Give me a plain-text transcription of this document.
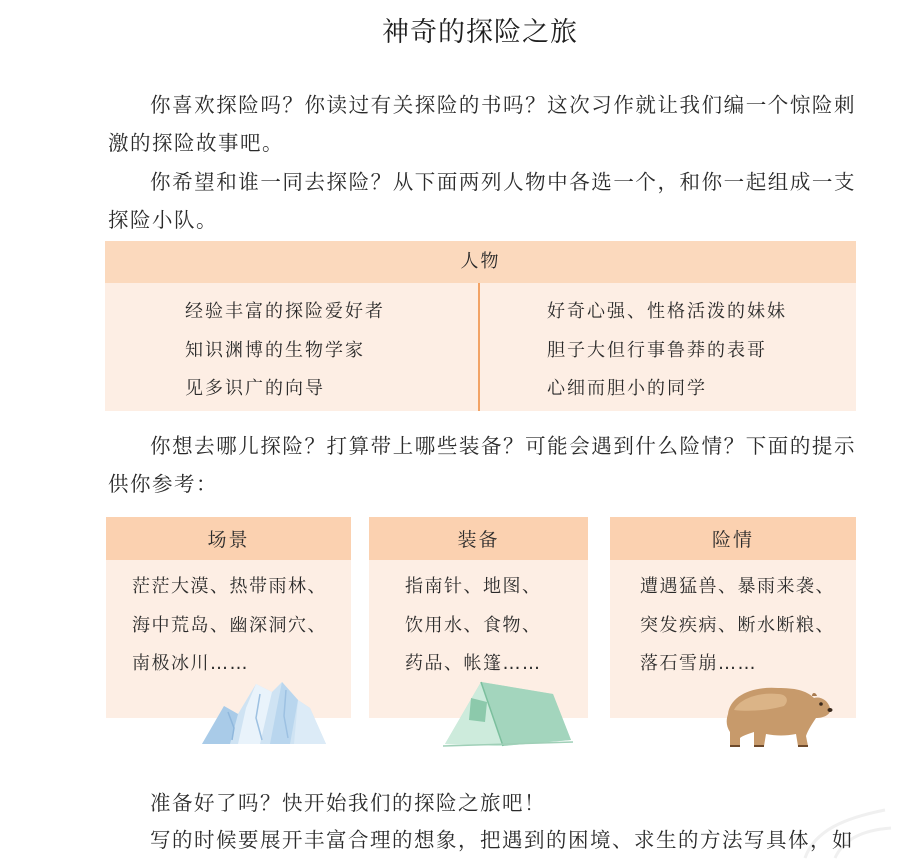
神奇的探险之旅

你喜欢探险吗？你读过有关探险的书吗？这次习作就让我们编一个惊险刺激的探险故事吧。

你希望和谁一同去探险？从下面两列人物中各选一个，和你一起组成一支探险小队。

人物
经验丰富的探险爱好者
知识渊博的生物学家
见多识广的向导
好奇心强、性格活泼的妹妹
胆子大但行事鲁莽的表哥
心细而胆小的同学

你想去哪儿探险？打算带上哪些装备？可能会遇到什么险情？下面的提示供你参考：

场景
茫茫大漠、热带雨林、
海中荒岛、幽深洞穴、
南极冰川……
装备
指南针、地图、
饮用水、食物、
药品、帐篷……
险情
遭遇猛兽、暴雨来袭、
突发疾病、断水断粮、
落石雪崩……

准备好了吗？快开始我们的探险之旅吧！

写的时候要展开丰富合理的想象，把遇到的困境、求生的方法写具体，如
